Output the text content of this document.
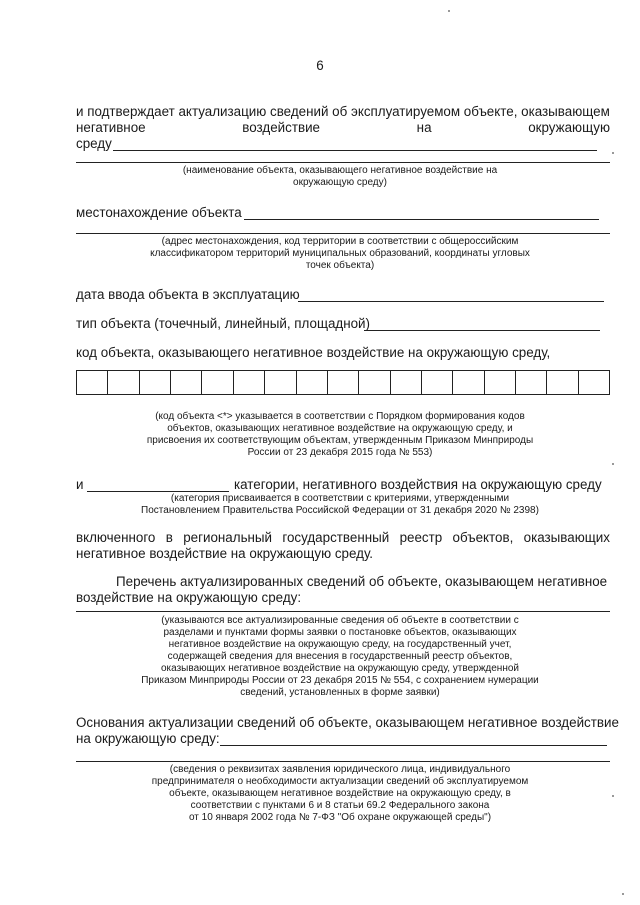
6
и подтверждает актуализацию сведений об эксплуатируемом объекте, оказывающем
негативное	воздействие	на	окружающую
среду
(наименование объекта, оказывающего негативное воздействие на
окружающую среду)
местонахождение объекта
(адрес местонахождения, код территории в соответствии с общероссийским
классификатором территорий муниципальных образований, координаты угловых
точек объекта)
дата ввода объекта в эксплуатацию
тип объекта (точечный, линейный, площадной)
код объекта, оказывающего негативное воздействие на окружающую среду,
(код объекта <*> указывается в соответствии с Порядком формирования кодов
объектов, оказывающих негативное воздействие на окружающую среду, и
присвоения их соответствующим объектам, утвержденным Приказом Минприроды
России от 23 декабря 2015 года № 553)
и	категории, негативного воздействия на окружающую среду
(категория присваивается в соответствии с критериями, утвержденными
Постановлением Правительства Российской Федерации от 31 декабря 2020 № 2398)
включенного в региональный государственный реестр объектов, оказывающих
негативное воздействие на окружающую среду.
Перечень актуализированных сведений об объекте, оказывающем негативное
воздействие на окружающую среду:
(указываются все актуализированные сведения об объекте в соответствии с
разделами и пунктами формы заявки о постановке объектов, оказывающих
негативное воздействие на окружающую среду, на государственный учет,
содержащей сведения для внесения в государственный реестр объектов,
оказывающих негативное воздействие на окружающую среду, утвержденной
Приказом Минприроды России от 23 декабря 2015 № 554, с сохранением нумерации
сведений, установленных в форме заявки)
Основания актуализации сведений об объекте, оказывающем негативное воздействие
на окружающую среду:
(сведения о реквизитах заявления юридического лица, индивидуального
предпринимателя о необходимости актуализации сведений об эксплуатируемом
объекте, оказывающем негативное воздействие на окружающую среду, в
соответствии с пунктами 6 и 8 статьи 69.2 Федерального закона
от 10 января 2002 года № 7-ФЗ "Об охране окружающей среды")
